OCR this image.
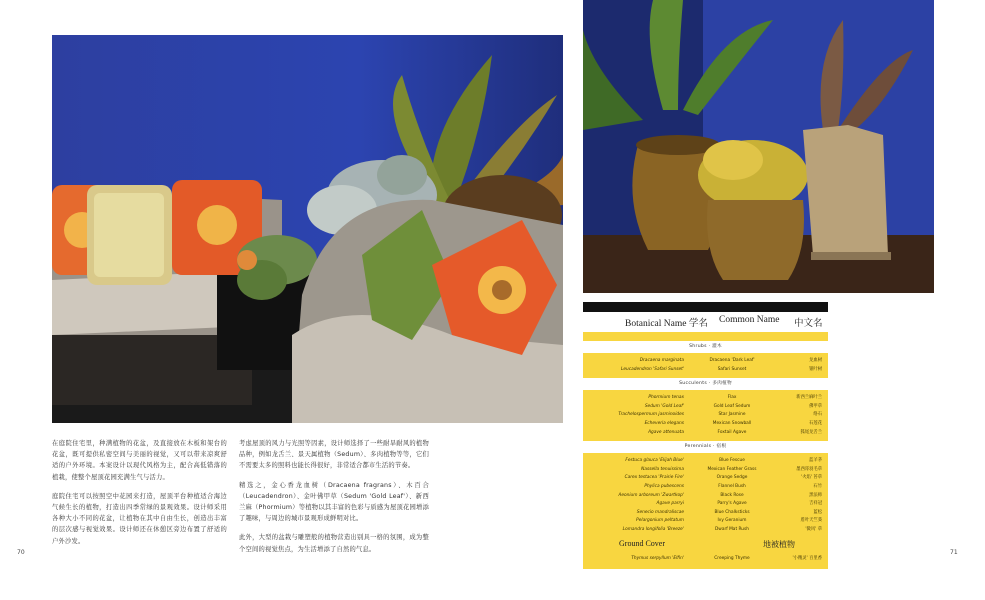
在庭院住宅里，种满植物的花盆，及直接放在木板和架台的花盆，既可提供私密空间与美丽的视觉，又可以带来凉爽舒适的户外环境。本案设计以现代风格为主，配合高低错落的植栽，使整个屋顶花园充满生气与活力。

庭院住宅可以按照空中花园来打造，屋顶平台种植适合海边气候生长的植物，打造出四季常绿的景观效果。设计师采用各种大小不同的花盆，让植物在其中自由生长，创造出丰富的层次感与视觉效果。设计师还在休憩区旁边布置了舒适的户外沙发。

考虑屋顶的风力与光照等因素，设计师选择了一些耐旱耐风的植物品种，例如龙舌兰、景天属植物（Sedum）、多肉植物等等，它们不需要太多的照料也能长得很好，非常适合都市生活的节奏。

精选之，金心香龙血树（Dracaena fragrans）、木百合（Leucadendron）、金叶佛甲草（Sedum 'Gold Leaf'）、新西兰麻（Phormium）等植物以其丰富的色彩与质感为屋顶花园增添了趣味，与周边的城市景观形成鲜明对比。

此外，大型的盆栽与雕塑般的植物营造出别具一格的氛围，成为整个空间的视觉焦点，为生活增添了自然的气息。

70	71
Botanical Name 学名 Common Name 中文名
Shrubs · 灌木
Dracaena marginata	Dracaena 'Dark Leaf'	龙血树
Leucadendron 'Safari Sunset'	Safari Sunset	银叶树
Succulents · 多肉植物
Phormium tenax	Flax	新西兰麻叶兰
Sedum 'Gold Leaf'	Gold Leaf Sedum	佛甲草
Trachelospermum jasminoides	Star Jasmine	络石
Echeveria elegans	Mexican Snowball	石莲花
Agave attenuata	Foxtail Agave	狐尾龙舌兰
Perennials · 宿根
Festuca glauca 'Elijah Blue'	Blue Fescue	蓝羊茅
Nassella tenuissima	Mexican Feather Grass	墨西哥羽毛草
Carex testacea 'Prairie Fire'	Orange Sedge	'火焰' 苔草
Phylica pubescens	Flannel Bush	石竹
Aeonium arboreum 'Zwartkop'	Black Rose	黑法师
Agave parryi	Parry's Agave	吉祥冠
Senecio mandraliscae	Blue Chalksticks	蓝松
Pelargonium peltatum	Ivy Geranium	盾叶天竺葵
Lomandra longifolia 'Breeze'	Dwarf Mat Rush	'微风' 草
Ground Cover	地被植物
Thymus serpyllum 'Elfin'	Creeping Thyme	'小精灵' 百里香
